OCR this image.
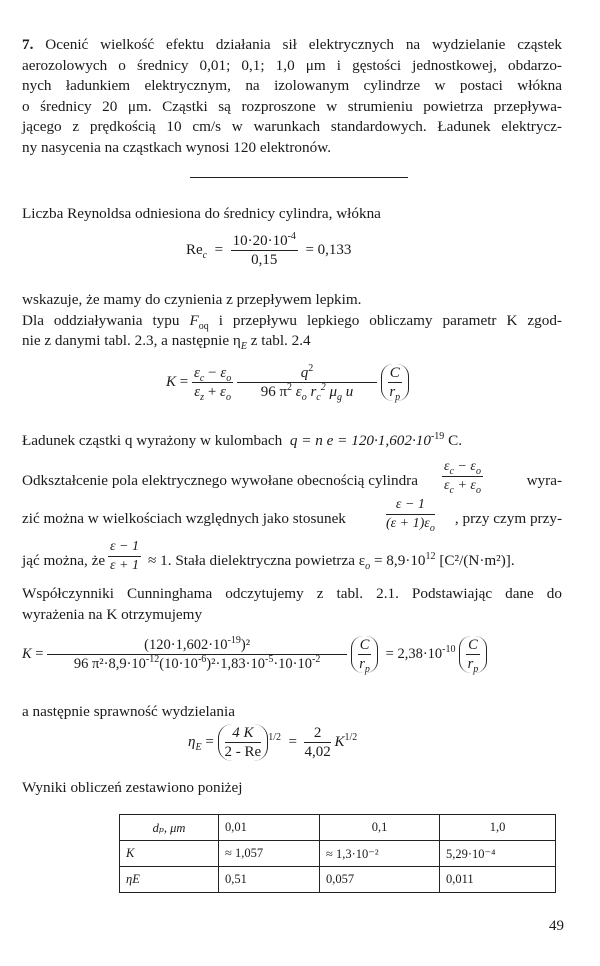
7. Ocenić wielkość efektu działania sił elektrycznych na wydzielanie cząstek
aerozolowych o średnicy 0,01; 0,1; 1,0 μm i gęstości jednostkowej, obdarzo-
nych ładunkiem elektrycznym, na izolowanym cylindrze w postaci włókna
o średnicy 20 μm. Cząstki są rozproszone w strumieniu powietrza przepływa-
jącego z prędkością 10 cm/s w warunkach standardowych. Ładunek elektrycz-
ny nasycenia na cząstkach wynosi 120 elektronów.
Liczba Reynoldsa odniesiona do średnicy cylindra, włókna
$Re_c = \frac{10\cdot 20\cdot 10^{-4}}{0,15} = 0,133$
wskazuje, że mamy do czynienia z przepływem lepkim.
Dla oddziaływania typu $F_{oq}$ i przepływu lepkiego obliczamy parametr K zgod-
nie z danymi tabl. 2.3, a następnie $\eta_E$ z tabl. 2.4
$K = \frac{\varepsilon_c - \varepsilon_o}{\varepsilon_z + \varepsilon_o}$
$\frac{q^2}{96 \pi^2 \varepsilon_o r_c^2 \mu_g u}$
$\frac{C}{r_p}$
Ładunek cząstki q wyrażony w kulombach q = n $e = 120\cdot 1,602\cdot 10^{-19}$ C.
Odkształcenie pola elektrycznego wywołane obecnością cylindra $\frac{\varepsilon_c - \varepsilon_o}{\varepsilon_c + \varepsilon_o}$	wyra-
zić można w wielkościach względnych jako stosunek	$\frac{\varepsilon - 1}{(\varepsilon + 1)\varepsilon_o}$ , przy czym przy-
jąć można, że $\frac{\varepsilon - 1}{\varepsilon + 1} \approx 1$. Stała dielektryczna powietrza $\varepsilon_o = 8,9\cdot 10^{12}$ [C²/(N·m²)].
Współczynniki Cunninghama odczytujemy z tabl. 2.1. Podstawiając dane do
wyrażenia na K otrzymujemy
$K = \frac{(120\cdot 1,602\cdot 10^{-19})^2}{96 \pi^2\cdot 8,9\cdot 10^{-12}(10\cdot 10^{-6})^2\cdot 1,83\cdot 10^{-5}\cdot 10\cdot 10^{-2}}$
$\frac{C}{r_p} = 2,38\cdot 10^{-10} \frac{C}{r_p}$
a następnie sprawność wydzielania
$\eta_E = \frac{4 K}{2 - Re} ^{1/2} = \frac{2}{4,02} K^{1/2}$
Wyniki obliczeń zestawiono poniżej
dₚ, μm	0,01	0,1	1,0
K	≈ 1,057	≈ 1,3·10⁻²	5,29·10⁻⁴
ηE	0,51	0,057	0,011
49
